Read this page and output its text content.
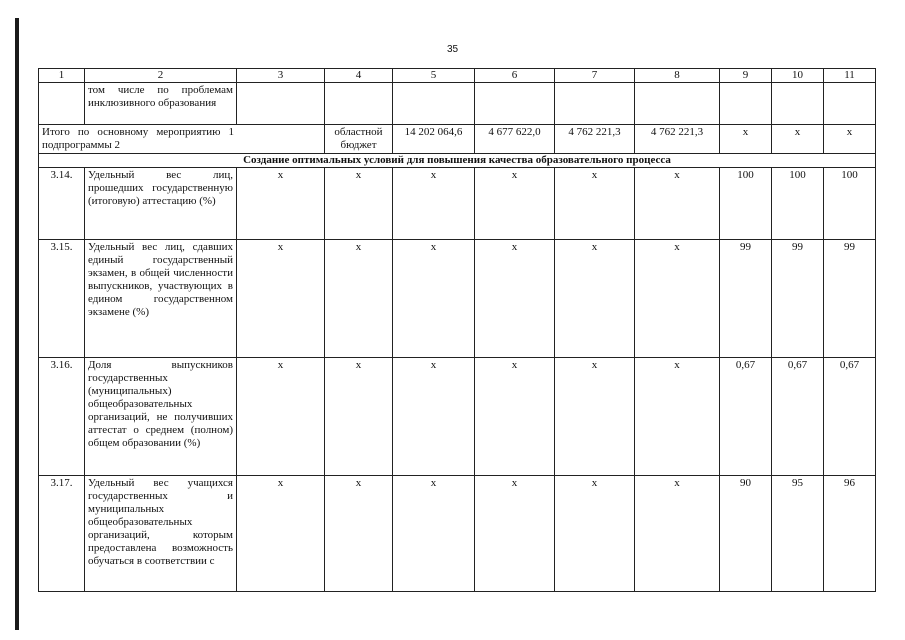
35
1	2	3	4	5	6	7	8	9	10	11
	том числе по проблемам инклюзивного образования									
Итого по основному мероприятию 1 подпрограммы 2			областной бюджет	14 202 064,6	4 677 622,0	4 762 221,3	4 762 221,3	х	х	х
Создание оптимальных условий для повышения качества образовательного процесса										
3.14.	Удельный вес лиц, прошедших государственную (итоговую) аттестацию (%)	х	х	х	х	х	х	100	100	100
3.15.	Удельный вес лиц, сдавших единый государственный экзамен, в общей численности выпускников, участвующих в едином государственном экзамене (%)	х	х	х	х	х	х	99	99	99
3.16.	Доля выпускников государственных (муниципальных) общеобразовательных организаций, не получивших аттестат о среднем (полном) общем образовании (%)	х	х	х	х	х	х	0,67	0,67	0,67
3.17.	Удельный вес учащихся государственных и муниципальных общеобразовательных организаций, которым предоставлена возможность обучаться в соответствии с	х	х	х	х	х	х	90	95	96
